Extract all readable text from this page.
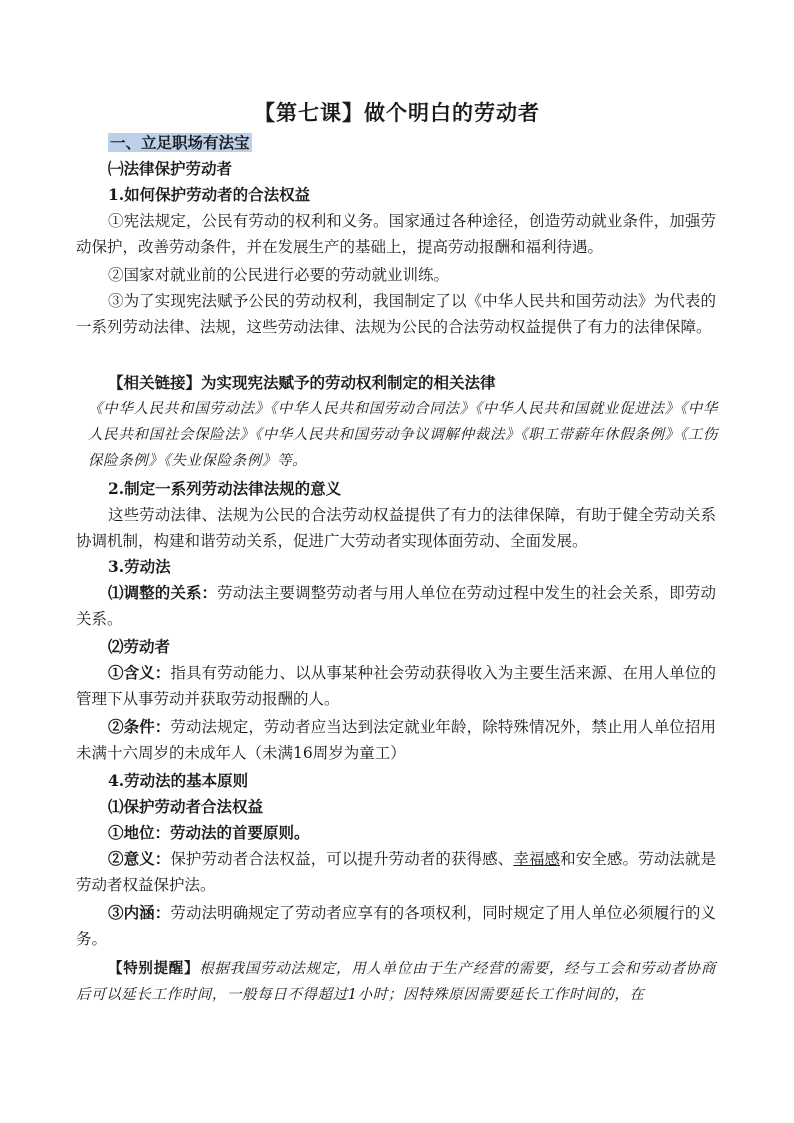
【第七课】做个明白的劳动者
一、立足职场有法宝
㈠法律保护劳动者
1.如何保护劳动者的合法权益

①宪法规定，公民有劳动的权利和义务。国家通过各种途径，创造劳动就业条件，加强劳动保护，改善劳动条件，并在发展生产的基础上，提高劳动报酬和福利待遇。

②国家对就业前的公民进行必要的劳动就业训练。

③为了实现宪法赋予公民的劳动权利，我国制定了以《中华人民共和国劳动法》为代表的一系列劳动法律、法规，这些劳动法律、法规为公民的合法劳动权益提供了有力的法律保障。

【相关链接】为实现宪法赋予的劳动权利制定的相关法律

《中华人民共和国劳动法》《中华人民共和国劳动合同法》《中华人民共和国就业促进法》《中华人民共和国社会保险法》《中华人民共和国劳动争议调解仲裁法》《职工带薪年休假条例》《工伤保险条例》《失业保险条例》等。

2.制定一系列劳动法律法规的意义

这些劳动法律、法规为公民的合法劳动权益提供了有力的法律保障，有助于健全劳动关系协调机制，构建和谐劳动关系，促进广大劳动者实现体面劳动、全面发展。

3.劳动法

⑴调整的关系：劳动法主要调整劳动者与用人单位在劳动过程中发生的社会关系，即劳动关系。

⑵劳动者

①含义：指具有劳动能力、以从事某种社会劳动获得收入为主要生活来源、在用人单位的管理下从事劳动并获取劳动报酬的人。

②条件：劳动法规定，劳动者应当达到法定就业年龄，除特殊情况外，禁止用人单位招用未满十六周岁的未成年人（未满16周岁为童工）

4.劳动法的基本原则
⑴保护劳动者合法权益

①地位：劳动法的首要原则。

②意义：保护劳动者合法权益，可以提升劳动者的获得感、幸福感和安全感。劳动法就是劳动者权益保护法。

③内涵：劳动法明确规定了劳动者应享有的各项权利，同时规定了用人单位必须履行的义务。

【特别提醒】根据我国劳动法规定，用人单位由于生产经营的需要，经与工会和劳动者协商后可以延长工作时间，一般每日不得超过1小时；因特殊原因需要延长工作时间的，在
